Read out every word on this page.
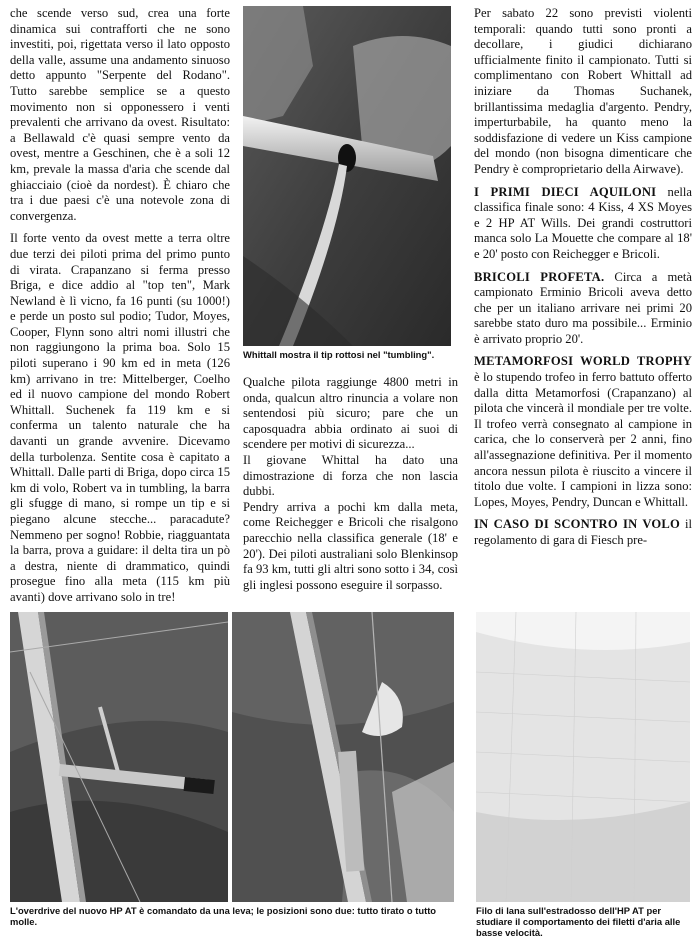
che scende verso sud, crea una forte dinamica sui contrafforti che ne sono investiti, poi, rigettata verso il lato opposto della valle, assume una andamento sinuoso detto appunto "Serpente del Rodano". Tutto sarebbe semplice se a questo movimento non si opponessero i venti prevalenti che arrivano da ovest. Risultato: a Bellawald c'è quasi sempre vento da ovest, mentre a Geschinen, che è a soli 12 km, prevale la massa d'aria che scende dal ghiacciaio (cioè da nordest). È chiaro che tra i due paesi c'è una notevole zona di convergenza.

Il forte vento da ovest mette a terra oltre due terzi dei piloti prima del primo punto di virata. Crapanzano si ferma presso Briga, e dice addio al "top ten", Mark Newland è lì vicno, fa 16 punti (su 1000!) e perde un posto sul podio; Tudor, Moyes, Cooper, Flynn sono altri nomi illustri che non raggiungono la prima boa. Solo 15 piloti superano i 90 km ed in meta (126 km) arrivano in tre: Mittelberger, Coelho ed il nuovo campione del mondo Robert Whittall. Suchenek fa 119 km e si conferma un talento naturale che ha davanti un grande avvenire. Dicevamo della turbolenza. Sentite cosa è capitato a Whittall. Dalle parti di Briga, dopo circa 15 km di volo, Robert va in tumbling, la barra gli sfugge di mano, si rompe un tip e si piegano alcune stecche... paracadute? Nemmeno per sogno! Robbie, riagguantata la barra, prova a guidare: il delta tira un pò a destra, niente di drammatico, quindi prosegue fino alla meta (115 km più avanti) dove arrivano solo in tre!

Whittall mostra il tip rottosi nel "tumbling".

Qualche pilota raggiunge 4800 metri in onda, qualcun altro rinuncia a volare non sentendosi più sicuro; pare che un caposquadra abbia ordinato ai suoi di scendere per motivi di sicurezza...

Il giovane Whittal ha dato una dimostrazione di forza che non lascia dubbi.

Pendry arriva a pochi km dalla meta, come Reichegger e Bricoli che risalgono parecchio nella classifica generale (18' e 20'). Dei piloti australiani solo Blenkinsop fa 93 km, tutti gli altri sono sotto i 34, così gli inglesi possono eseguire il sorpasso.

Per sabato 22 sono previsti violenti temporali: quando tutti sono pronti a decollare, i giudici dichiarano ufficialmente finito il campionato. Tutti si complimentano con Robert Whittall ad iniziare da Thomas Suchanek, brillantissima medaglia d'argento. Pendry, imperturbabile, ha quanto meno la soddisfazione di vedere un Kiss campione del mondo (non bisogna dimenticare che Pendry è comproprietario della Airwave).

I PRIMI DIECI AQUILONI nella classifica finale sono: 4 Kiss, 4 XS Moyes e 2 HP AT Wills. Dei grandi costruttori manca solo La Mouette che compare al 18' e 20' posto con Reichegger e Bricoli.

BRICOLI PROFETA. Circa a metà campionato Erminio Bricoli aveva detto che per un italiano arrivare nei primi 20 sarebbe stato duro ma possibile... Erminio è arrivato proprio 20'.

METAMORFOSI WORLD TROPHY è lo stupendo trofeo in ferro battuto offerto dalla ditta Metamorfosi (Crapanzano) al pilota che vincerà il mondiale per tre volte. Il trofeo verrà consegnato al campione in carica, che lo conserverà per 2 anni, fino all'assegnazione definitiva. Per il momento ancora nessun pilota è riuscito a vincere il titolo due volte. I campioni in lizza sono: Lopes, Moyes, Pendry, Duncan e Whittall.

IN CASO DI SCONTRO IN VOLO il regolamento di gara di Fiesch pre-

L'overdrive del nuovo HP AT è comandato da una leva; le posizioni sono due: tutto tirato o tutto molle.
Filo di lana sull'estradosso dell'HP AT per studiare il comportamento dei filetti d'aria alle basse velocità.
